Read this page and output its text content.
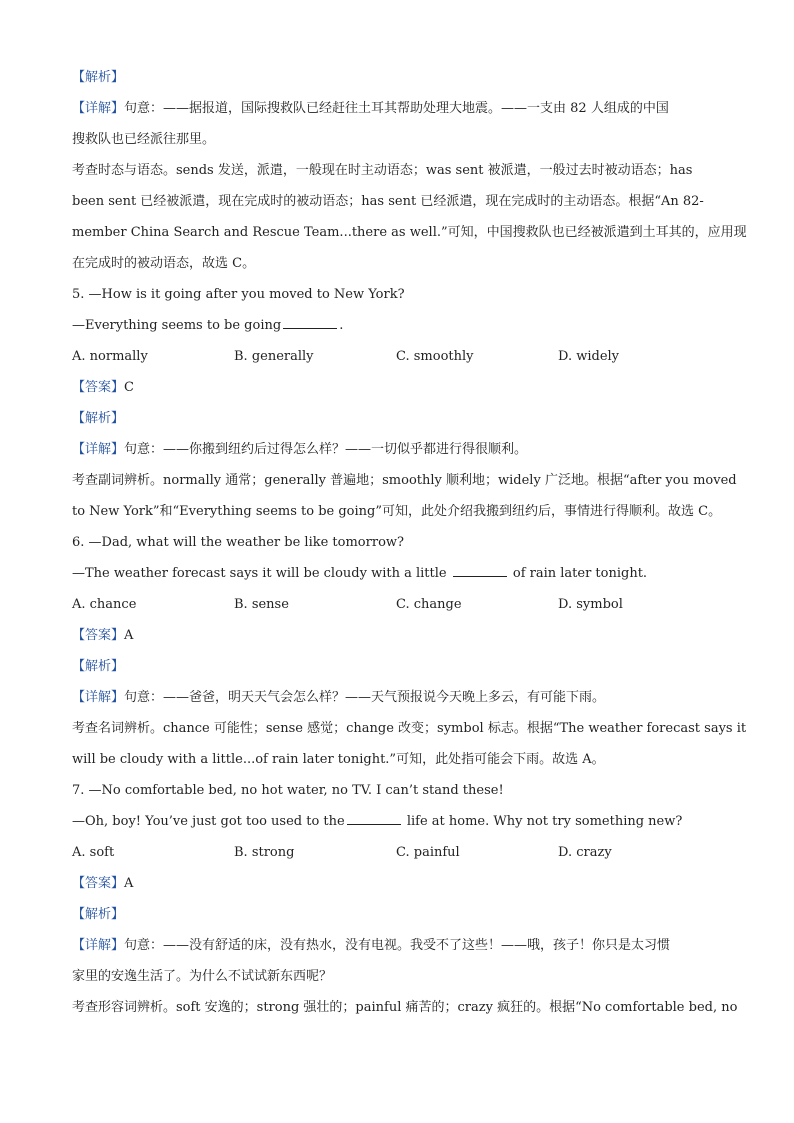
【解析】
【详解】句意：——据报道，国际搜救队已经赶往土耳其帮助处理大地震。——一支由 82 人组成的中国
搜救队也已经派往那里。
考查时态与语态。sends 发送，派遣，一般现在时主动语态；was sent 被派遣，一般过去时被动语态；has
been sent 已经被派遣，现在完成时的被动语态；has sent 已经派遣，现在完成时的主动语态。根据“An 82-
member China Search and Rescue Team...there as well.”可知，中国搜救队也已经被派遣到土耳其的，应用现
在完成时的被动语态，故选 C。
5. —How is it going after you moved to New York?
—Everything seems to be going	.
A. normally	B. generally	C. smoothly	D. widely
【答案】C
【解析】
【详解】句意：——你搬到纽约后过得怎么样？——一切似乎都进行得很顺利。
考查副词辨析。normally 通常；generally 普遍地；smoothly 顺利地；widely 广泛地。根据“after you moved
to New York”和“Everything seems to be going”可知，此处介绍我搬到纽约后，事情进行得顺利。故选 C。
6. —Dad, what will the weather be like tomorrow?
—The weather forecast says it will be cloudy with a little	of rain later tonight.
A. chance	B. sense	C. change	D. symbol
【答案】A
【解析】
【详解】句意：——爸爸，明天天气会怎么样？——天气预报说今天晚上多云，有可能下雨。
考查名词辨析。chance 可能性；sense 感觉；change 改变；symbol 标志。根据“The weather forecast says it
will be cloudy with a little...of rain later tonight.”可知，此处指可能会下雨。故选 A。
7. —No comfortable bed, no hot water, no TV. I can’t stand these!
—Oh, boy! You’ve just got too used to the	life at home. Why not try something new?
A. soft	B. strong	C. painful	D. crazy
【答案】A
【解析】
【详解】句意：——没有舒适的床，没有热水，没有电视。我受不了这些！——哦，孩子！你只是太习惯
家里的安逸生活了。为什么不试试新东西呢？
考查形容词辨析。soft 安逸的；strong 强壮的；painful 痛苦的；crazy 疯狂的。根据“No comfortable bed, no
